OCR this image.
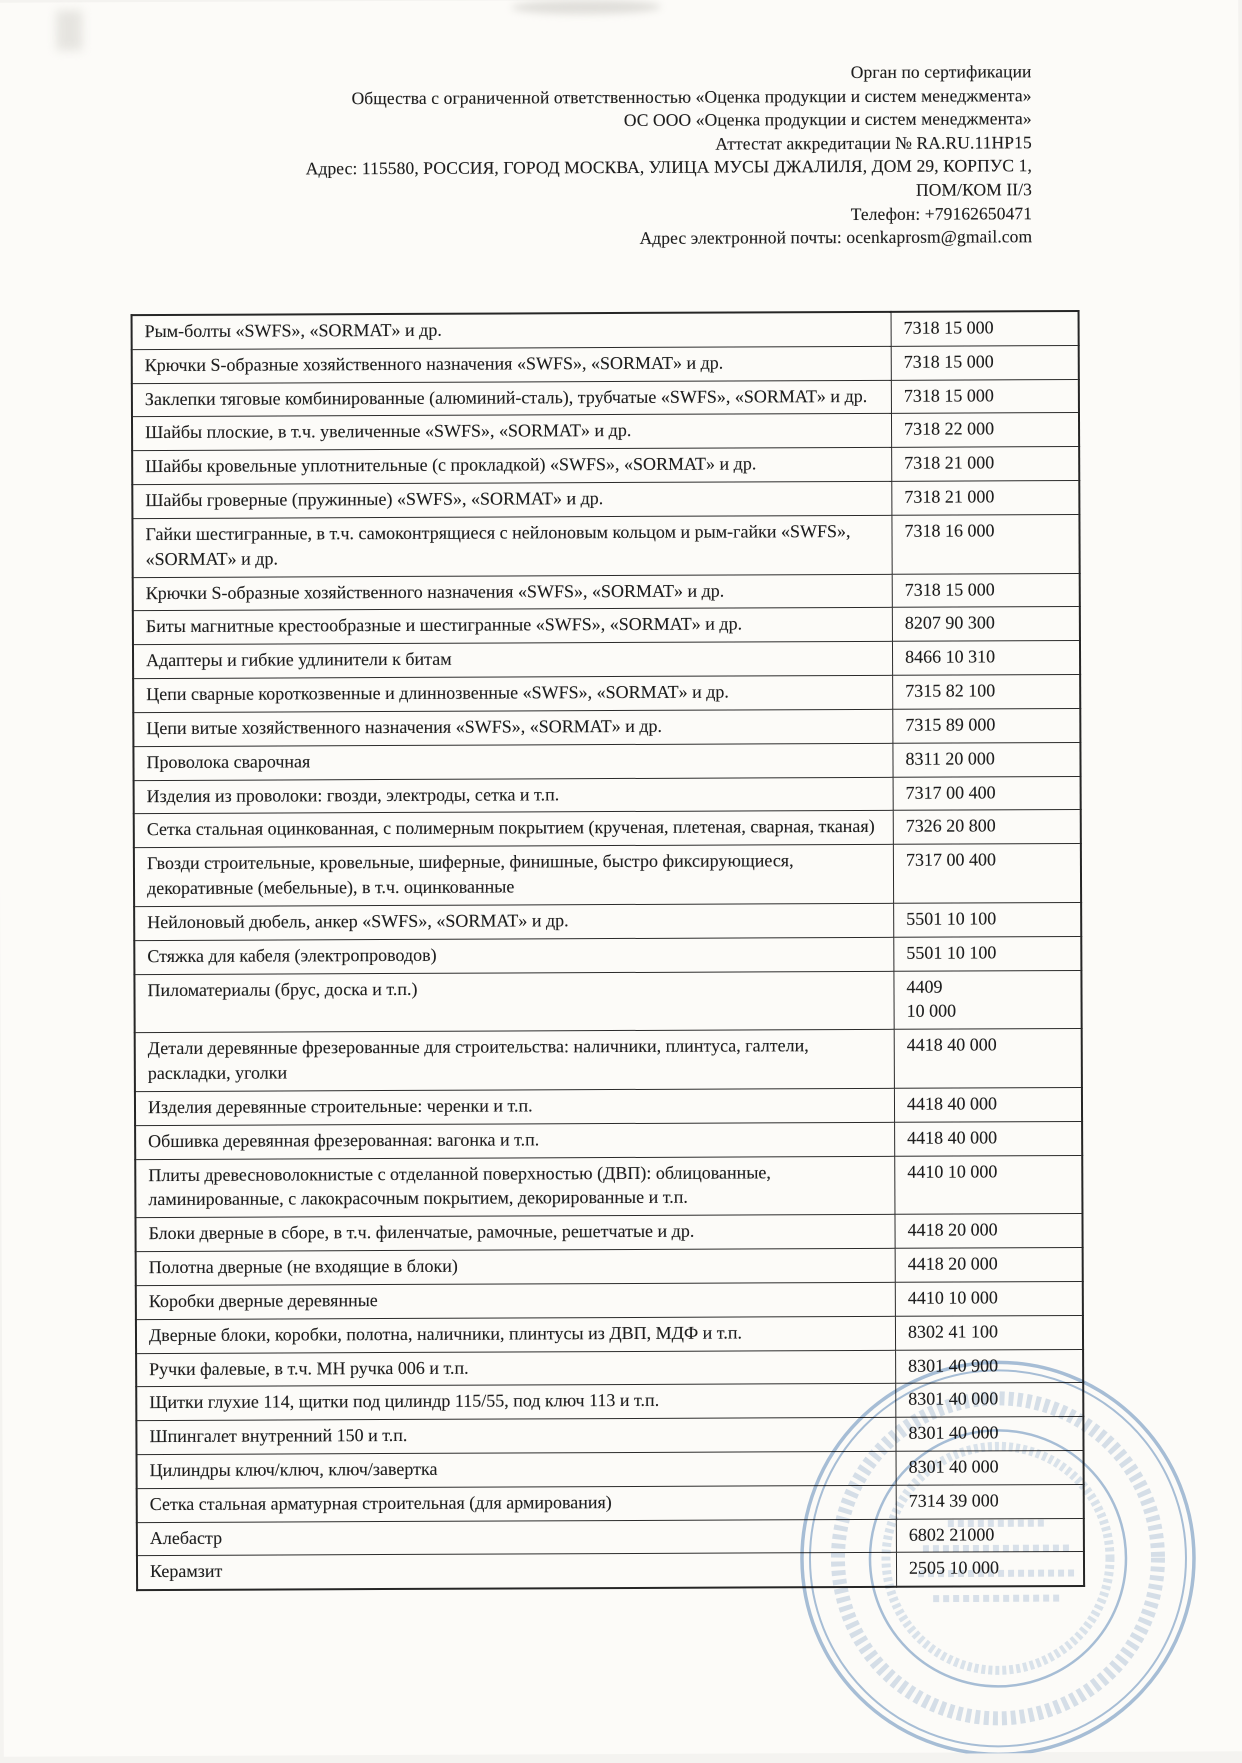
Орган по сертификации
Общества с ограниченной ответственностью «Оценка продукции и систем менеджмента»
ОС ООО «Оценка продукции и систем менеджмента»
Аттестат аккредитации № RA.RU.11НР15
Адрес: 115580, РОССИЯ, ГОРОД МОСКВА, УЛИЦА МУСЫ ДЖАЛИЛЯ, ДОМ 29, КОРПУС 1,
ПОМ/КОМ II/3
Телефон: +79162650471
Адрес электронной почты: ocenkaprosm@gmail.com
Рым-болты «SWFS», «SORMAT» и др.	7318 15 000
Крючки S-образные хозяйственного назначения «SWFS», «SORMAT» и др.	7318 15 000
Заклепки тяговые комбинированные (алюминий-сталь), трубчатые «SWFS», «SORMAT» и др.	7318 15 000
Шайбы плоские, в т.ч. увеличенные «SWFS», «SORMAT» и др.	7318 22 000
Шайбы кровельные уплотнительные (с прокладкой) «SWFS», «SORMAT» и др.	7318 21 000
Шайбы гроверные (пружинные) «SWFS», «SORMAT» и др.	7318 21 000
Гайки шестигранные, в т.ч. самоконтрящиеся с нейлоновым кольцом и рым-гайки «SWFS», «SORMAT» и др.	7318 16 000
Крючки S-образные хозяйственного назначения «SWFS», «SORMAT» и др.	7318 15 000
Биты магнитные крестообразные и шестигранные «SWFS», «SORMAT» и др.	8207 90 300
Адаптеры и гибкие удлинители к битам	8466 10 310
Цепи сварные короткозвенные и длиннозвенные «SWFS», «SORMAT» и др.	7315 82 100
Цепи витые хозяйственного назначения «SWFS», «SORMAT» и др.	7315 89 000
Проволока сварочная	8311 20 000
Изделия из проволоки: гвозди, электроды, сетка и т.п.	7317 00 400
Сетка стальная оцинкованная, с полимерным покрытием (крученая, плетеная, сварная, тканая)	7326 20 800
Гвозди строительные, кровельные, шиферные, финишные, быстро фиксирующиеся, декоративные (мебельные), в т.ч. оцинкованные	7317 00 400
Нейлоновый дюбель, анкер «SWFS», «SORMAT» и др.	5501 10 100
Стяжка для кабеля (электропроводов)	5501 10 100
Пиломатериалы (брус, доска и т.п.)	4409
10 000
Детали деревянные фрезерованные для строительства: наличники, плинтуса, галтели, раскладки, уголки	4418 40 000
Изделия деревянные строительные: черенки и т.п.	4418 40 000
Обшивка деревянная фрезерованная: вагонка и т.п.	4418 40 000
Плиты древесноволокнистые с отделанной поверхностью (ДВП): облицованные, ламинированные, с лакокрасочным покрытием, декорированные и т.п.	4410 10 000
Блоки дверные в сборе, в т.ч. филенчатые, рамочные, решетчатые и др.	4418 20 000
Полотна дверные (не входящие в блоки)	4418 20 000
Коробки дверные деревянные	4410 10 000
Дверные блоки, коробки, полотна, наличники, плинтусы из ДВП, МДФ и т.п.	8302 41 100
Ручки фалевые, в т.ч. МН ручка 006 и т.п.	8301 40 900
Щитки глухие 114, щитки под цилиндр 115/55, под ключ 113 и т.п.	8301 40 000
Шпингалет внутренний 150 и т.п.	8301 40 000
Цилиндры ключ/ключ, ключ/завертка	8301 40 000
Сетка стальная арматурная строительная (для армирования)	7314 39 000
Алебастр	6802 21000
Керамзит	2505 10 000
